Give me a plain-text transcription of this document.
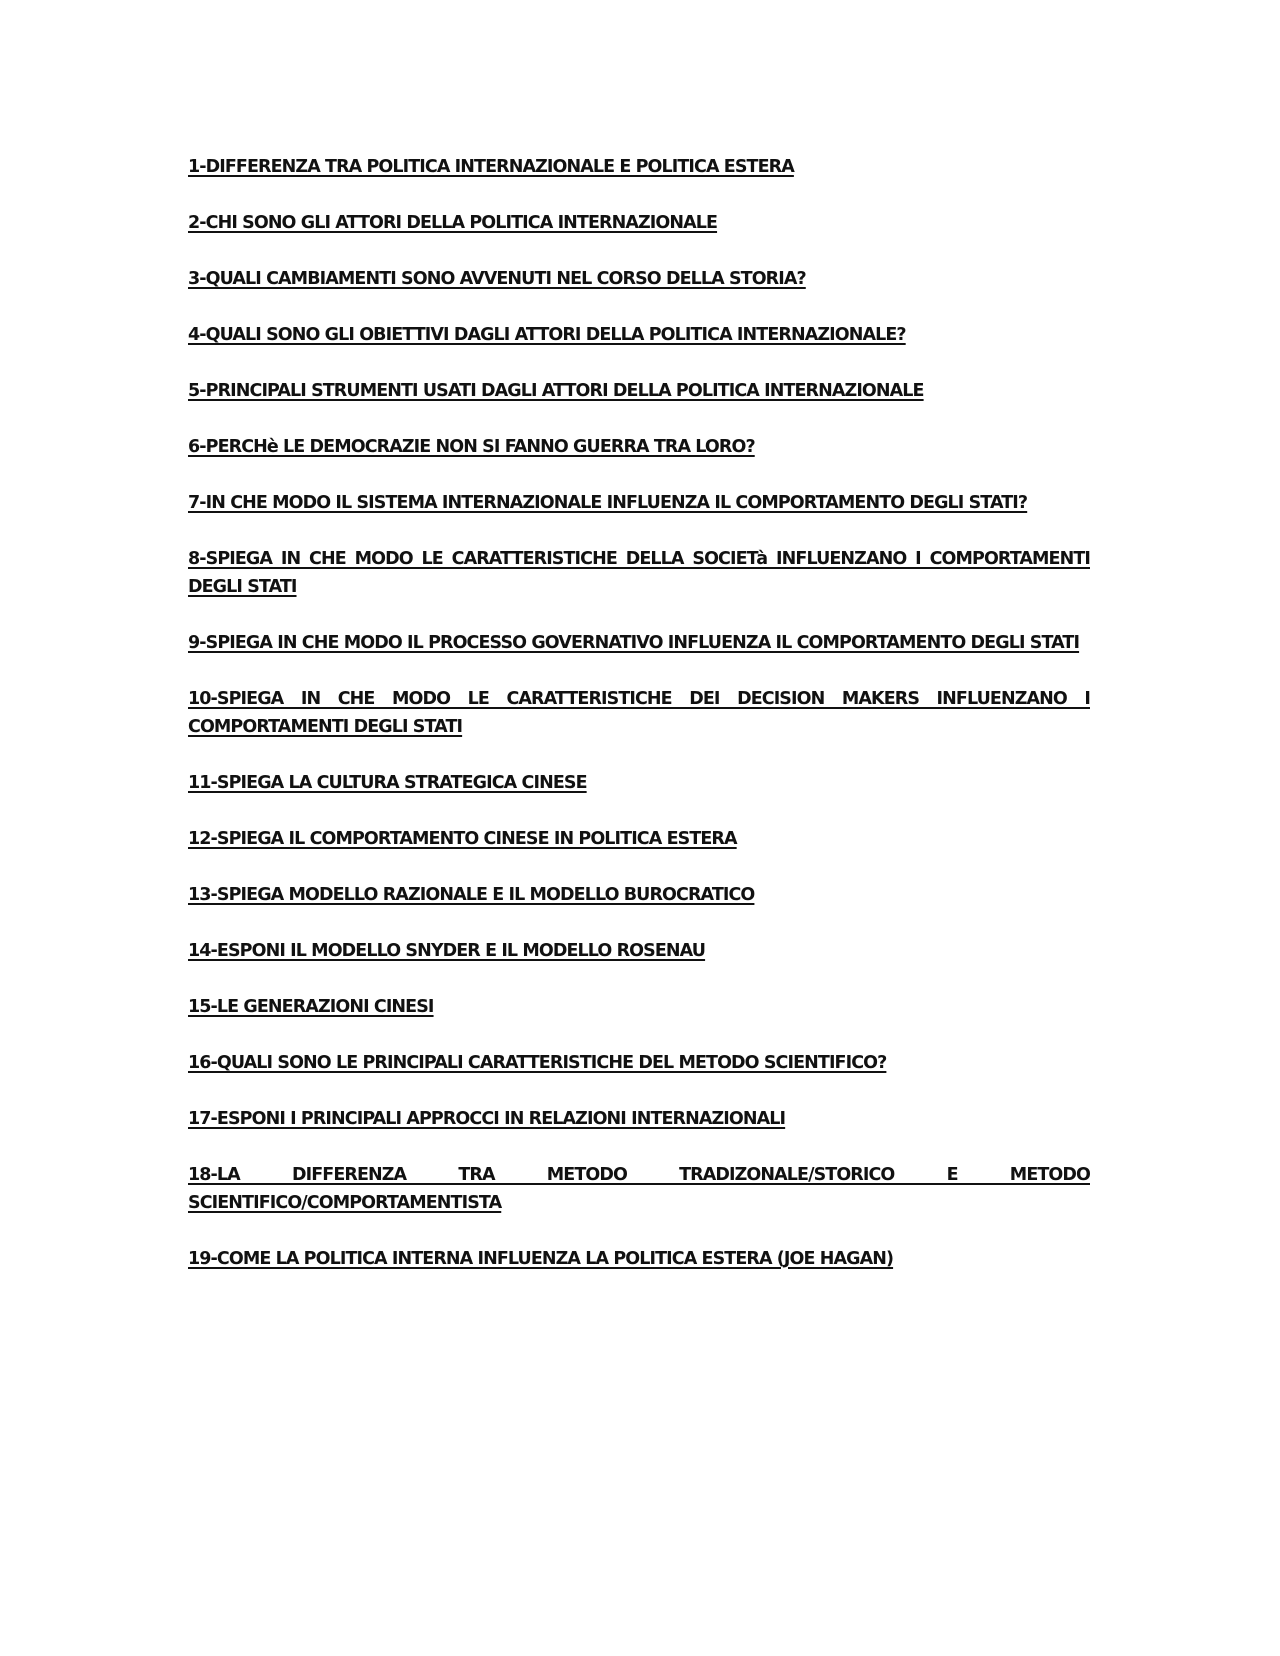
1-DIFFERENZA TRA POLITICA INTERNAZIONALE E POLITICA ESTERA
2-CHI SONO GLI ATTORI DELLA POLITICA INTERNAZIONALE
3-QUALI CAMBIAMENTI SONO AVVENUTI NEL CORSO DELLA STORIA?
4-QUALI SONO GLI OBIETTIVI DAGLI ATTORI DELLA POLITICA INTERNAZIONALE?
5-PRINCIPALI STRUMENTI USATI DAGLI ATTORI DELLA POLITICA INTERNAZIONALE
6-PERCHè LE DEMOCRAZIE NON SI FANNO GUERRA TRA LORO?
7-IN CHE MODO IL SISTEMA INTERNAZIONALE INFLUENZA IL COMPORTAMENTO DEGLI STATI?
8-SPIEGA IN CHE MODO LE CARATTERISTICHE DELLA SOCIETà INFLUENZANO I COMPORTAMENTI DEGLI STATI
9-SPIEGA IN CHE MODO IL PROCESSO GOVERNATIVO INFLUENZA IL COMPORTAMENTO DEGLI STATI
10-SPIEGA IN CHE MODO LE CARATTERISTICHE DEI DECISION MAKERS INFLUENZANO I COMPORTAMENTI DEGLI STATI
11-SPIEGA LA CULTURA STRATEGICA CINESE
12-SPIEGA IL COMPORTAMENTO CINESE IN POLITICA ESTERA
13-SPIEGA MODELLO RAZIONALE E IL MODELLO BUROCRATICO
14-ESPONI IL MODELLO SNYDER E IL MODELLO ROSENAU
15-LE GENERAZIONI CINESI
16-QUALI SONO LE PRINCIPALI CARATTERISTICHE DEL METODO SCIENTIFICO?
17-ESPONI I PRINCIPALI APPROCCI IN RELAZIONI INTERNAZIONALI
18-LA DIFFERENZA TRA METODO TRADIZONALE/STORICO E METODO SCIENTIFICO/COMPORTAMENTISTA
19-COME LA POLITICA INTERNA INFLUENZA LA POLITICA ESTERA (JOE HAGAN)
